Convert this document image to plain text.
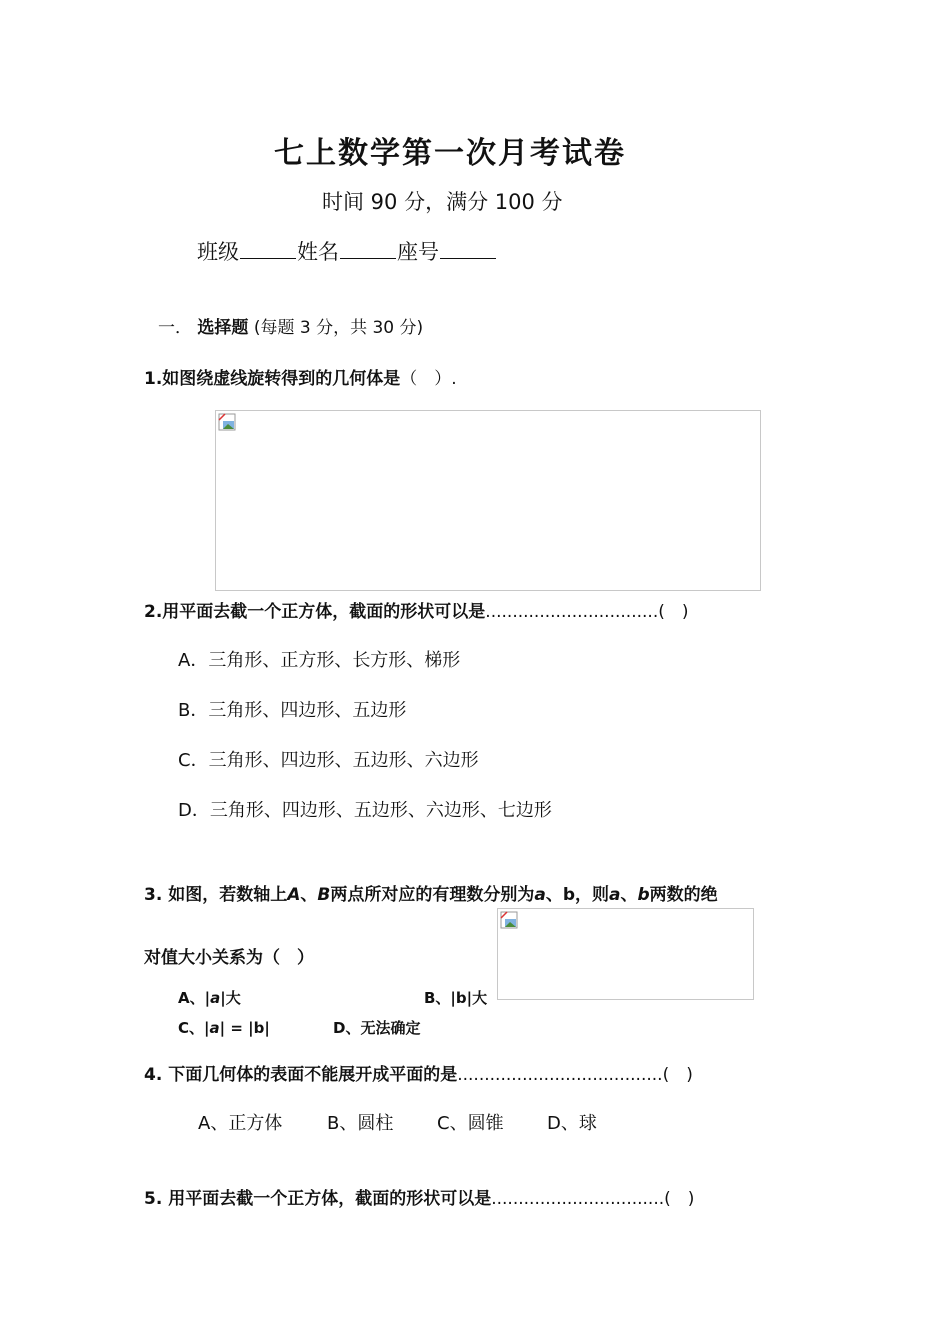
七上数学第一次月考试卷
时间 90 分，满分 100 分
班级	姓名	座号
一． 选择题 (每题 3 分，共 30 分)
1.如图绕虚线旋转得到的几何体是（　）.
2.用平面去截一个正方体，截面的形状可以是................................(　)
A．三角形、正方形、长方形、梯形
B．三角形、四边形、五边形
C．三角形、四边形、五边形、六边形
D．三角形、四边形、五边形、六边形、七边形
3. 如图，若数轴上A、B两点所对应的有理数分别为a、b，则a、b两数的绝
对值大小关系为（　）
A、|a|大	B、|b|大
C、|a| = |b|	D、无法确定
4. 下面几何体的表面不能展开成平面的是......................................(　)
A、正方体 B、圆柱 C、圆锥 D、球
5. 用平面去截一个正方体，截面的形状可以是................................(　)
